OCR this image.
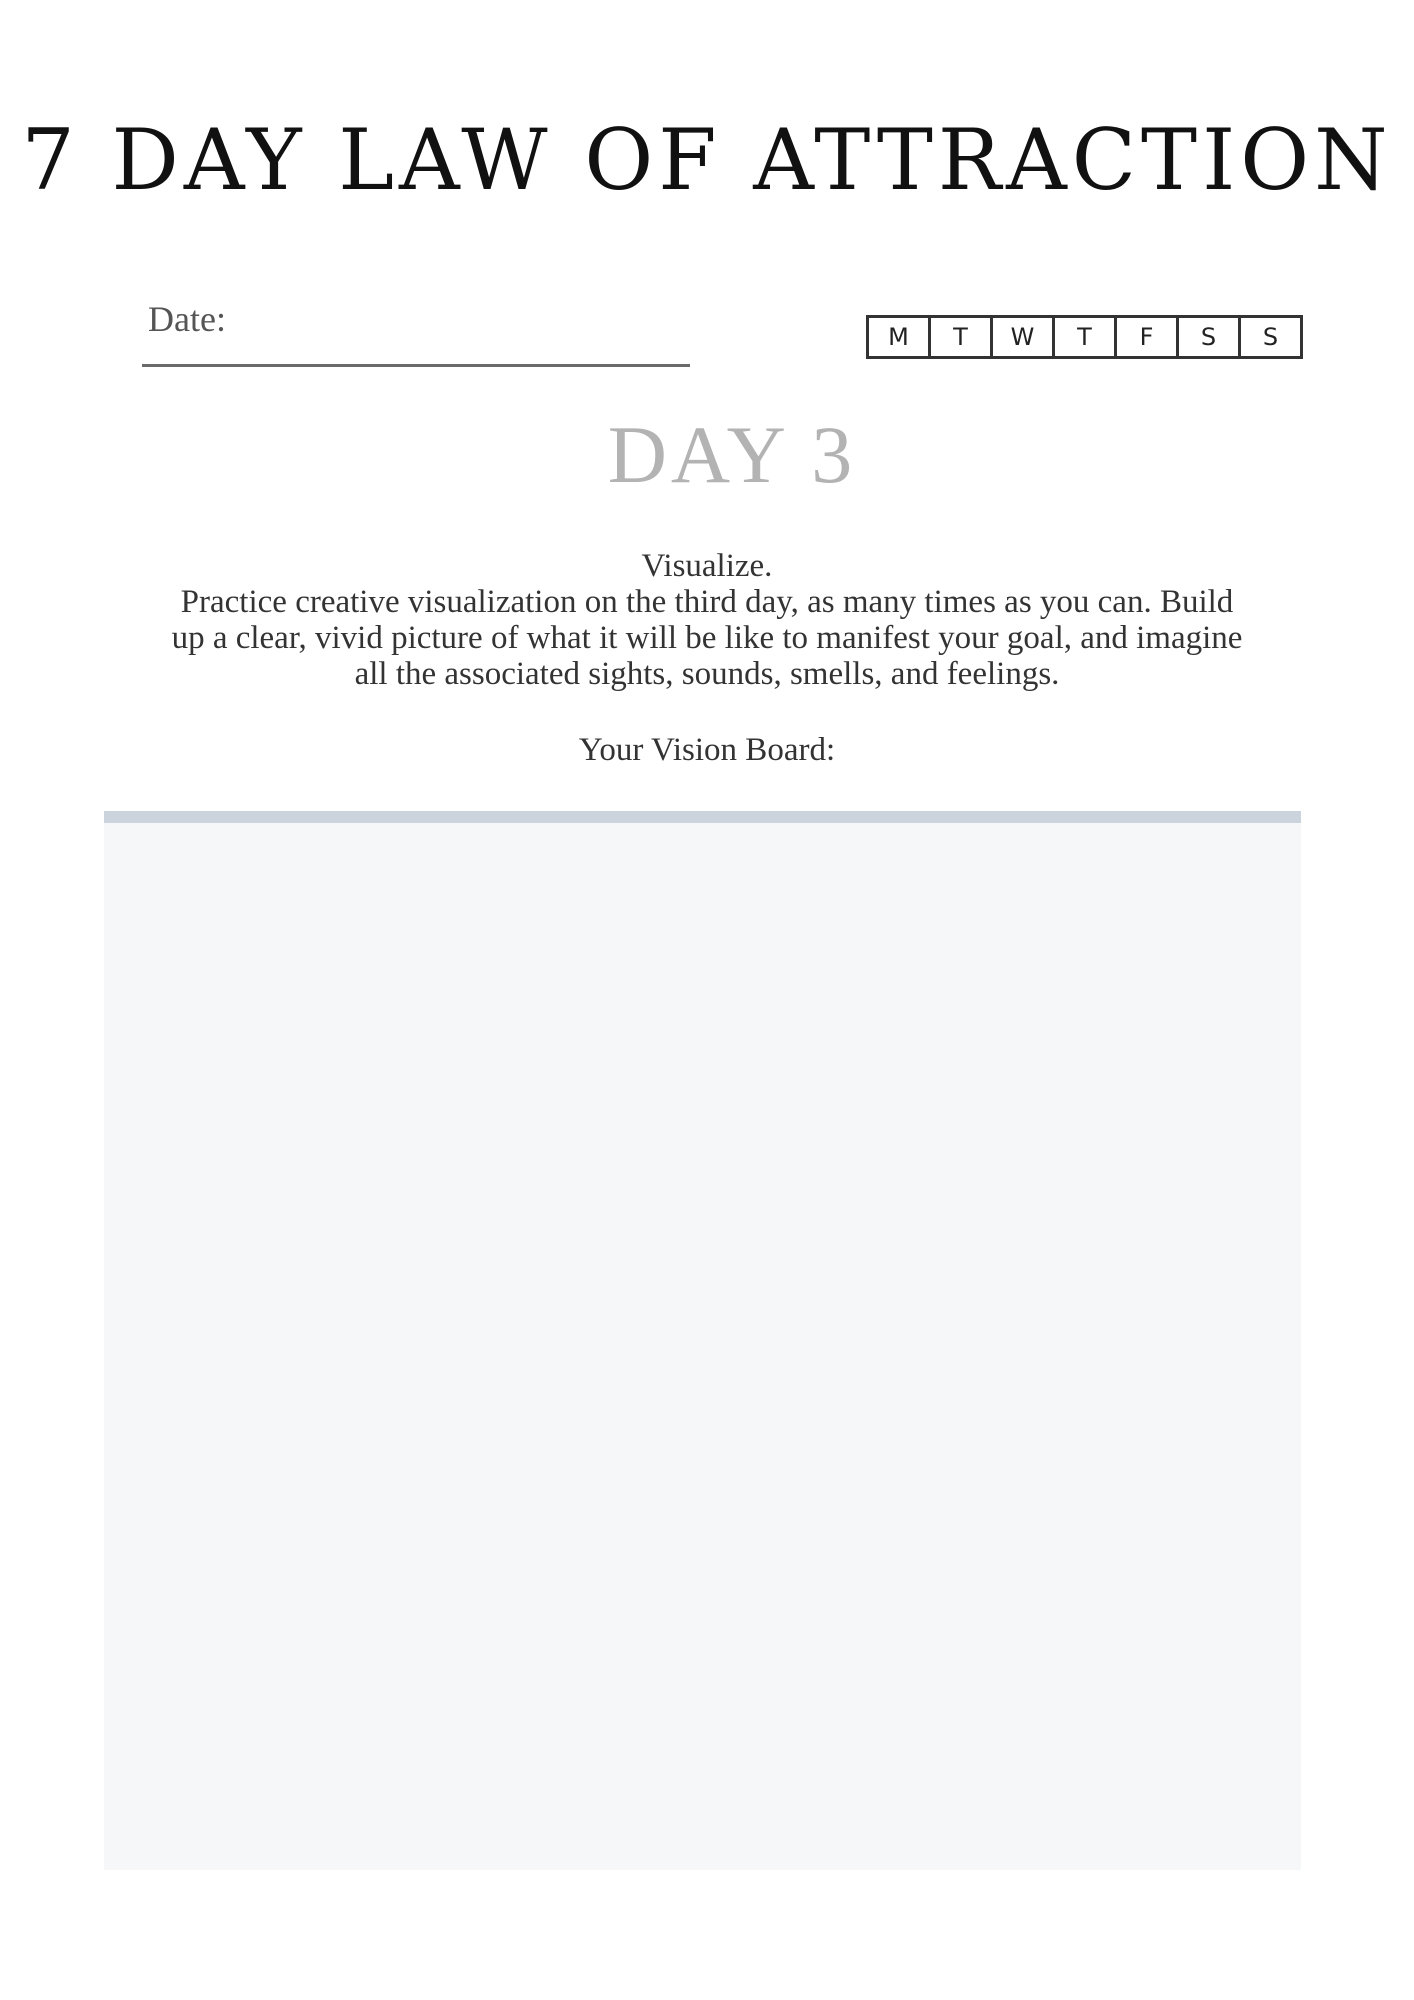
7 DAY LAW OF ATTRACTION
Date:	M	T	W	T	F	S	S
DAY 3

Visualize.

Practice creative visualization on the third day, as many times as you can. Build

up a clear, vivid picture of what it will be like to manifest your goal, and imagine

all the associated sights, sounds, smells, and feelings.

Your Vision Board:
